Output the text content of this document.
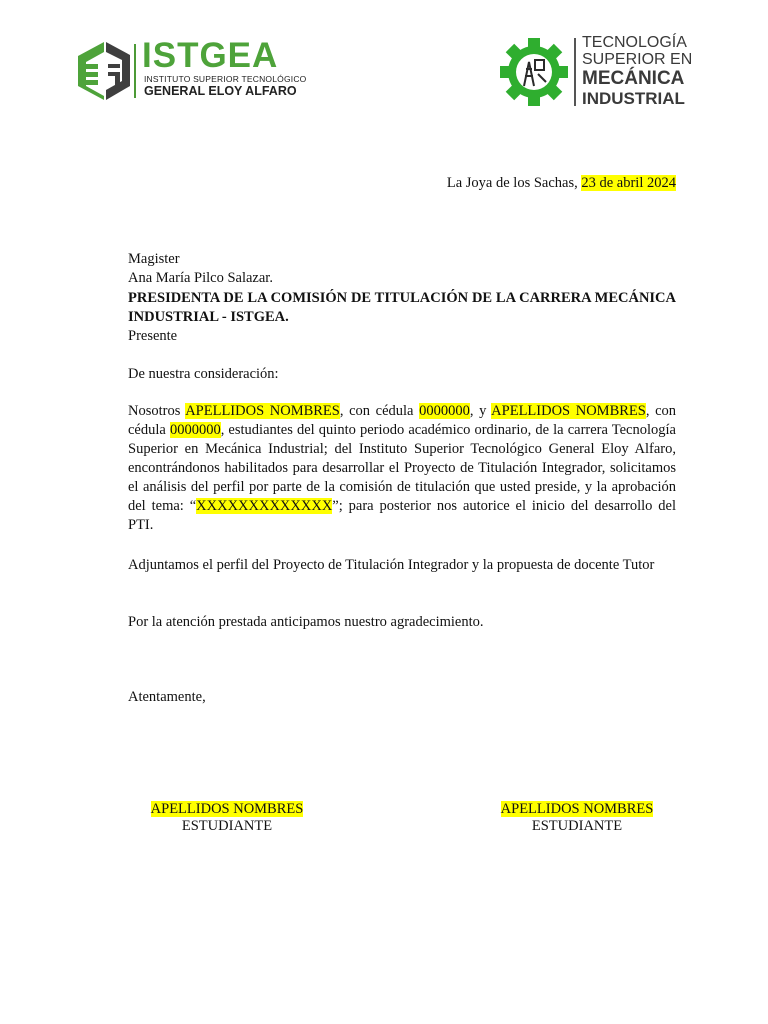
ISTGEA
INSTITUTO SUPERIOR TECNOLÓGICO
GENERAL ELOY ALFARO
TECNOLOGÍA
SUPERIOR EN
MECÁNICA
INDUSTRIAL
La Joya de los Sachas, 23 de abril 2024
Magister
Ana María Pilco Salazar.
PRESIDENTA DE LA COMISIÓN DE TITULACIÓN DE LA CARRERA MECÁNICA INDUSTRIAL - ISTGEA.
Presente
De nuestra consideración:
Nosotros APELLIDOS NOMBRES, con cédula 0000000, y APELLIDOS NOMBRES, con cédula 0000000, estudiantes del quinto periodo académico ordinario, de la carrera Tecnología Superior en Mecánica Industrial; del Instituto Superior Tecnológico General Eloy Alfaro, encontrándonos habilitados para desarrollar el Proyecto de Titulación Integrador, solicitamos el análisis del perfil por parte de la comisión de titulación que usted preside, y la aprobación del tema: “XXXXXXXXXXXXX”; para posterior nos autorice el inicio del desarrollo del PTI.
Adjuntamos el perfil del Proyecto de Titulación Integrador y la propuesta de docente Tutor
Por la atención prestada anticipamos nuestro agradecimiento.
Atentamente,
APELLIDOS NOMBRES
ESTUDIANTE
APELLIDOS NOMBRES
ESTUDIANTE
